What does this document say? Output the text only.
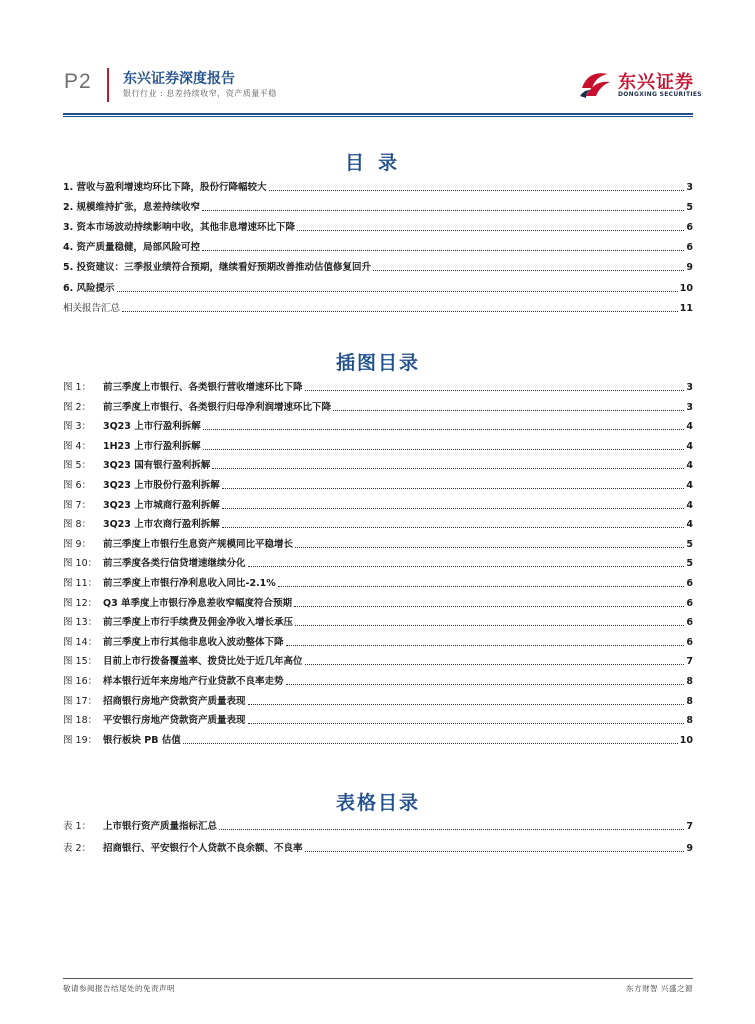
P2 东兴证券深度报告
银行行业 : 息差持续收窄，资产质量平稳
东兴证券
DONGXING SECURITIES
目录
1. 营收与盈利增速均环比下降，股份行降幅较大	3
2. 规模维持扩张，息差持续收窄	5
3. 资本市场波动持续影响中收，其他非息增速环比下降	6
4. 资产质量稳健，局部风险可控	6
5. 投资建议：三季报业绩符合预期，继续看好预期改善推动估值修复回升	9
6. 风险提示	10
相关报告汇总	11
插图目录
图 1：	前三季度上市银行、各类银行营收增速环比下降	3
图 2：	前三季度上市银行、各类银行归母净利润增速环比下降	3
图 3：	3Q23 上市行盈利拆解	4
图 4：	1H23 上市行盈利拆解	4
图 5：	3Q23 国有银行盈利拆解	4
图 6：	3Q23 上市股份行盈利拆解	4
图 7：	3Q23 上市城商行盈利拆解	4
图 8：	3Q23 上市农商行盈利拆解	4
图 9：	前三季度上市银行生息资产规模同比平稳增长	5
图 10： 前三季度各类行信贷增速继续分化	5
图 11： 前三季度上市银行净利息收入同比-2.1%	6
图 12： Q3 单季度上市银行净息差收窄幅度符合预期	6
图 13： 前三季度上市行手续费及佣金净收入增长承压	6
图 14： 前三季度上市行其他非息收入波动整体下降	6
图 15： 目前上市行拨备覆盖率、拨贷比处于近几年高位	7
图 16： 样本银行近年来房地产行业贷款不良率走势	8
图 17： 招商银行房地产贷款资产质量表现	8
图 18： 平安银行房地产贷款资产质量表现	8
图 19： 银行板块 PB 估值	10
表格目录
表 1：	上市银行资产质量指标汇总	7
表 2：	招商银行、平安银行个人贷款不良余额、不良率	9
敬请参阅报告结尾处的免责声明	东方财智 兴盛之源
